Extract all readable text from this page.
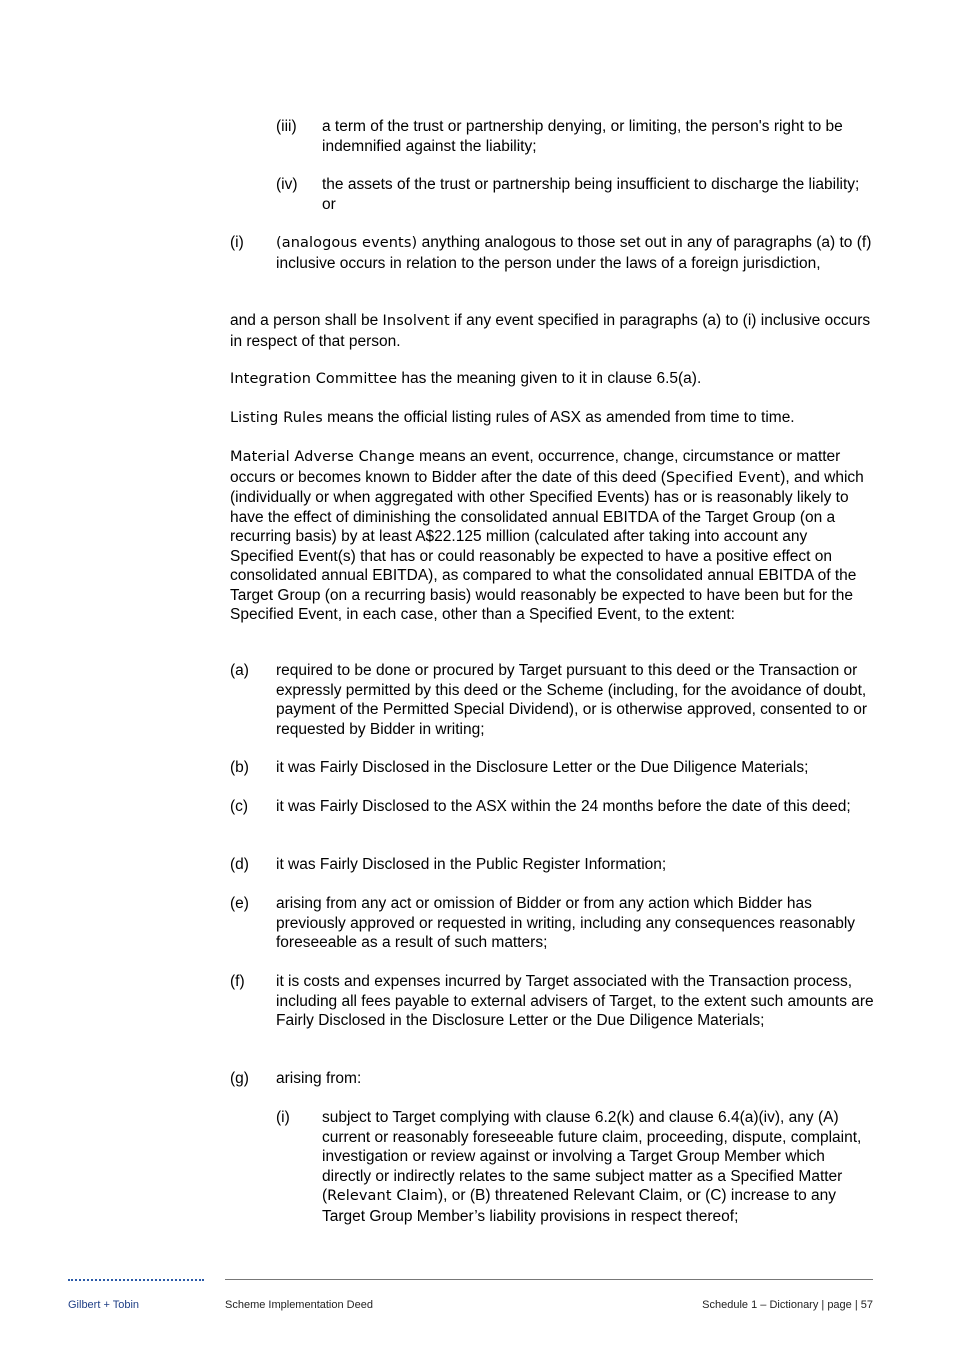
(iii) a term of the trust or partnership denying, or limiting, the person's right to be indemnified against the liability;
(iv) the assets of the trust or partnership being insufficient to discharge the liability; or
(i) (analogous events) anything analogous to those set out in any of paragraphs (a) to (f) inclusive occurs in relation to the person under the laws of a foreign jurisdiction,
and a person shall be Insolvent if any event specified in paragraphs (a) to (i) inclusive occurs in respect of that person.
Integration Committee has the meaning given to it in clause 6.5(a).
Listing Rules means the official listing rules of ASX as amended from time to time.
Material Adverse Change means an event, occurrence, change, circumstance or matter occurs or becomes known to Bidder after the date of this deed (Specified Event), and which (individually or when aggregated with other Specified Events) has or is reasonably likely to have the effect of diminishing the consolidated annual EBITDA of the Target Group (on a recurring basis) by at least A$22.125 million (calculated after taking into account any Specified Event(s) that has or could reasonably be expected to have a positive effect on consolidated annual EBITDA), as compared to what the consolidated annual EBITDA of the Target Group (on a recurring basis) would reasonably be expected to have been but for the Specified Event, in each case, other than a Specified Event, to the extent:
(a) required to be done or procured by Target pursuant to this deed or the Transaction or expressly permitted by this deed or the Scheme (including, for the avoidance of doubt, payment of the Permitted Special Dividend), or is otherwise approved, consented to or requested by Bidder in writing;
(b) it was Fairly Disclosed in the Disclosure Letter or the Due Diligence Materials;
(c) it was Fairly Disclosed to the ASX within the 24 months before the date of this deed;
(d) it was Fairly Disclosed in the Public Register Information;
(e) arising from any act or omission of Bidder or from any action which Bidder has previously approved or requested in writing, including any consequences reasonably foreseeable as a result of such matters;
(f) it is costs and expenses incurred by Target associated with the Transaction process, including all fees payable to external advisers of Target, to the extent such amounts are Fairly Disclosed in the Disclosure Letter or the Due Diligence Materials;
(g) arising from:
(i) subject to Target complying with clause 6.2(k) and clause 6.4(a)(iv), any (A) current or reasonably foreseeable future claim, proceeding, dispute, complaint, investigation or review against or involving a Target Group Member which directly or indirectly relates to the same subject matter as a Specified Matter (Relevant Claim), or (B) threatened Relevant Claim, or (C) increase to any Target Group Member’s liability provisions in respect thereof;
Gilbert + Tobin	Scheme Implementation Deed	Schedule 1 – Dictionary | page | 57
